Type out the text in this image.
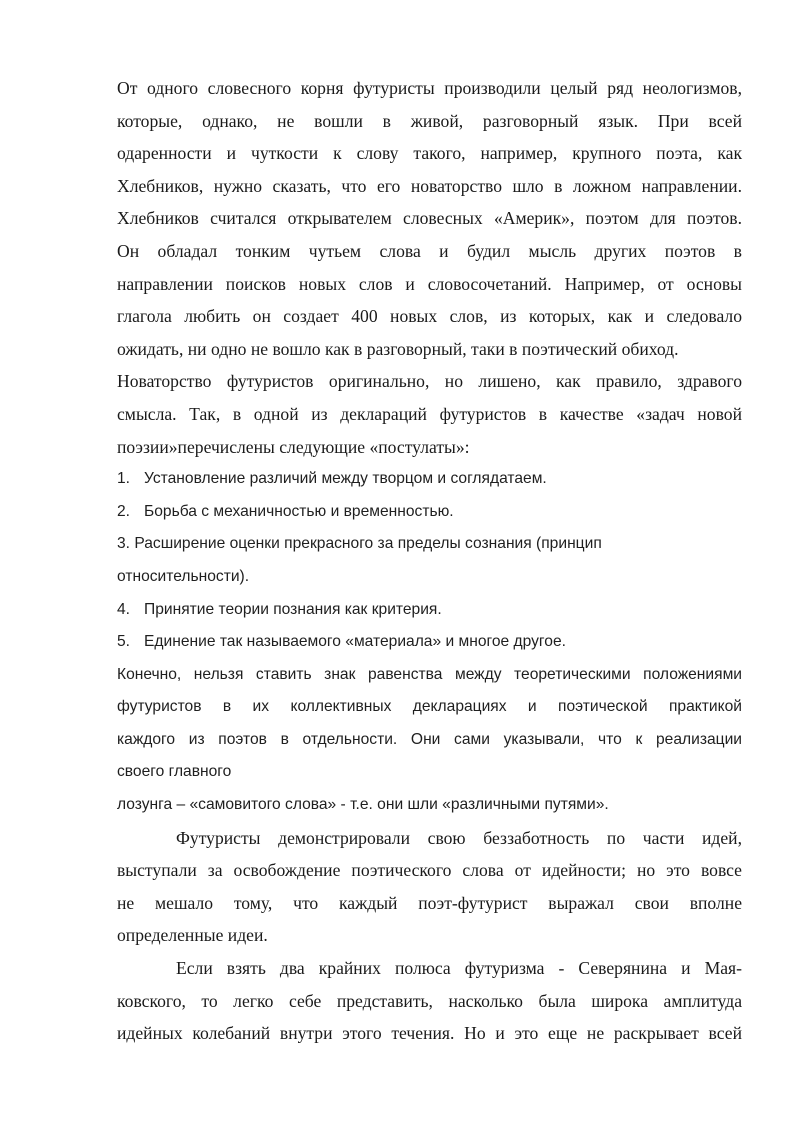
От одного словесного корня футуристы производили целый ряд неологизмов,
которые, однако, не вошли в живой, разговорный язык. При всей
одаренности и чуткости к слову такого, например, крупного поэта, как
Хлебников, нужно сказать, что его новаторство шло в ложном направлении.
Хлебников считался открывателем словесных «Америк», поэтом для поэтов.
Он обладал тонким чутьем слова и будил мысль других поэтов в
направлении поисков новых слов и словосочетаний. Например, от основы
глагола любить он создает 400 новых слов, из которых, как и следовало
ожидать, ни одно не вошло как в разговорный, таки в поэтический обиход.
Новаторство футуристов оригинально, но лишено, как правило, здравого
смысла. Так, в одной из деклараций футуристов в качестве «задач новой
поэзии»перечислены следующие «постулаты»:
1. Установление различий между творцом и соглядатаем.
2. Борьба с механичностью и временностью.
3. Расширение оценки прекрасного за пределы сознания (принцип
относительности).
4. Принятие теории познания как критерия.
5. Единение так называемого «материала» и многое другое.
Конечно, нельзя ставить знак равенства между теоретическими положениями
футуристов в их коллективных декларациях и поэтической практикой
каждого из поэтов в отдельности. Они сами указывали, что к реализации
своего главного
лозунга – «самовитого слова» - т.е. они шли «различными путями».
Футуристы демонстрировали свою беззаботность по части идей,
выступали за освобождение поэтического слова от идейности; но это вовсе
не мешало тому, что каждый поэт-футурист выражал свои вполне
определенные идеи.
Если взять два крайних полюса футуризма - Северянина и Мая-
ковского, то легко себе представить, насколько была широка амплитуда
идейных колебаний внутри этого течения. Но и это еще не раскрывает всей
